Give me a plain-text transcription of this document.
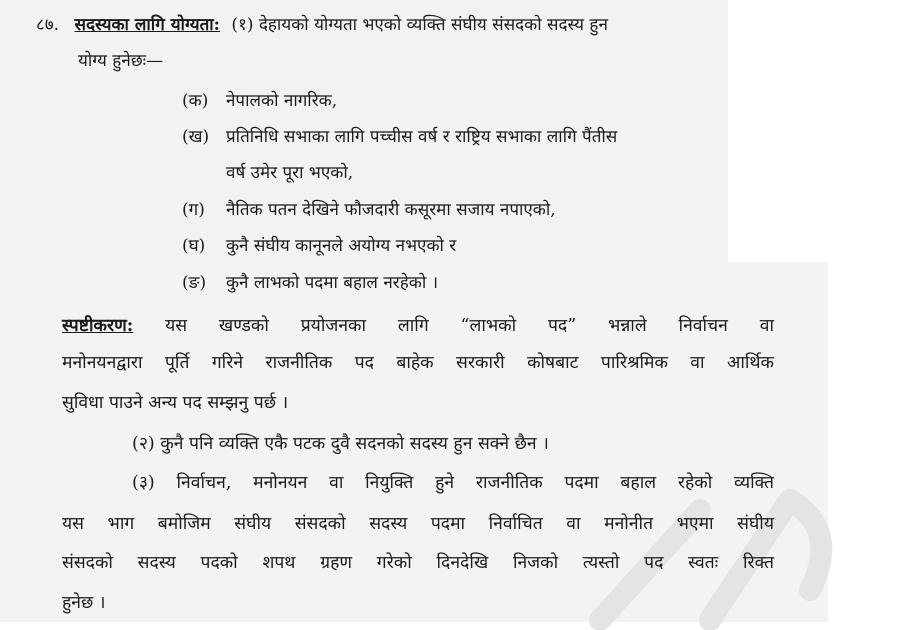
८७. सदस्यका लागि योग्यता: (१) देहायको योग्यता भएको व्यक्ति संघीय संसदको सदस्य हुन
योग्य हुनेछः—
(क) नेपालको नागरिक,
(ख) प्रतिनिधि सभाका लागि पच्चीस वर्ष र राष्ट्रिय सभाका लागि पैंतीस
वर्ष उमेर पूरा भएको,
(ग) नैतिक पतन देखिने फौजदारी कसूरमा सजाय नपाएको,
(घ) कुनै संघीय कानूनले अयोग्य नभएको र
(ङ) कुनै लाभको पदमा बहाल नरहेको ।
स्पष्टीकरण: यस खण्डको प्रयोजनका लागि “लाभको पद” भन्नाले निर्वाचन वा
मनोनयनद्वारा पूर्ति गरिने राजनीतिक पद बाहेक सरकारी कोषबाट पारिश्रमिक वा आर्थिक
सुविधा पाउने अन्य पद सम्झनु पर्छ ।
(२) कुनै पनि व्यक्ति एकै पटक दुवै सदनको सदस्य हुन सक्ने छैन ।
(३) निर्वाचन, मनोनयन वा नियुक्ति हुने राजनीतिक पदमा बहाल रहेको व्यक्ति
यस भाग बमोजिम संघीय संसदको सदस्य पदमा निर्वाचित वा मनोनीत भएमा संघीय
संसदको सदस्य पदको शपथ ग्रहण गरेको दिनदेखि निजको त्यस्तो पद स्वतः रिक्त
हुनेछ ।
